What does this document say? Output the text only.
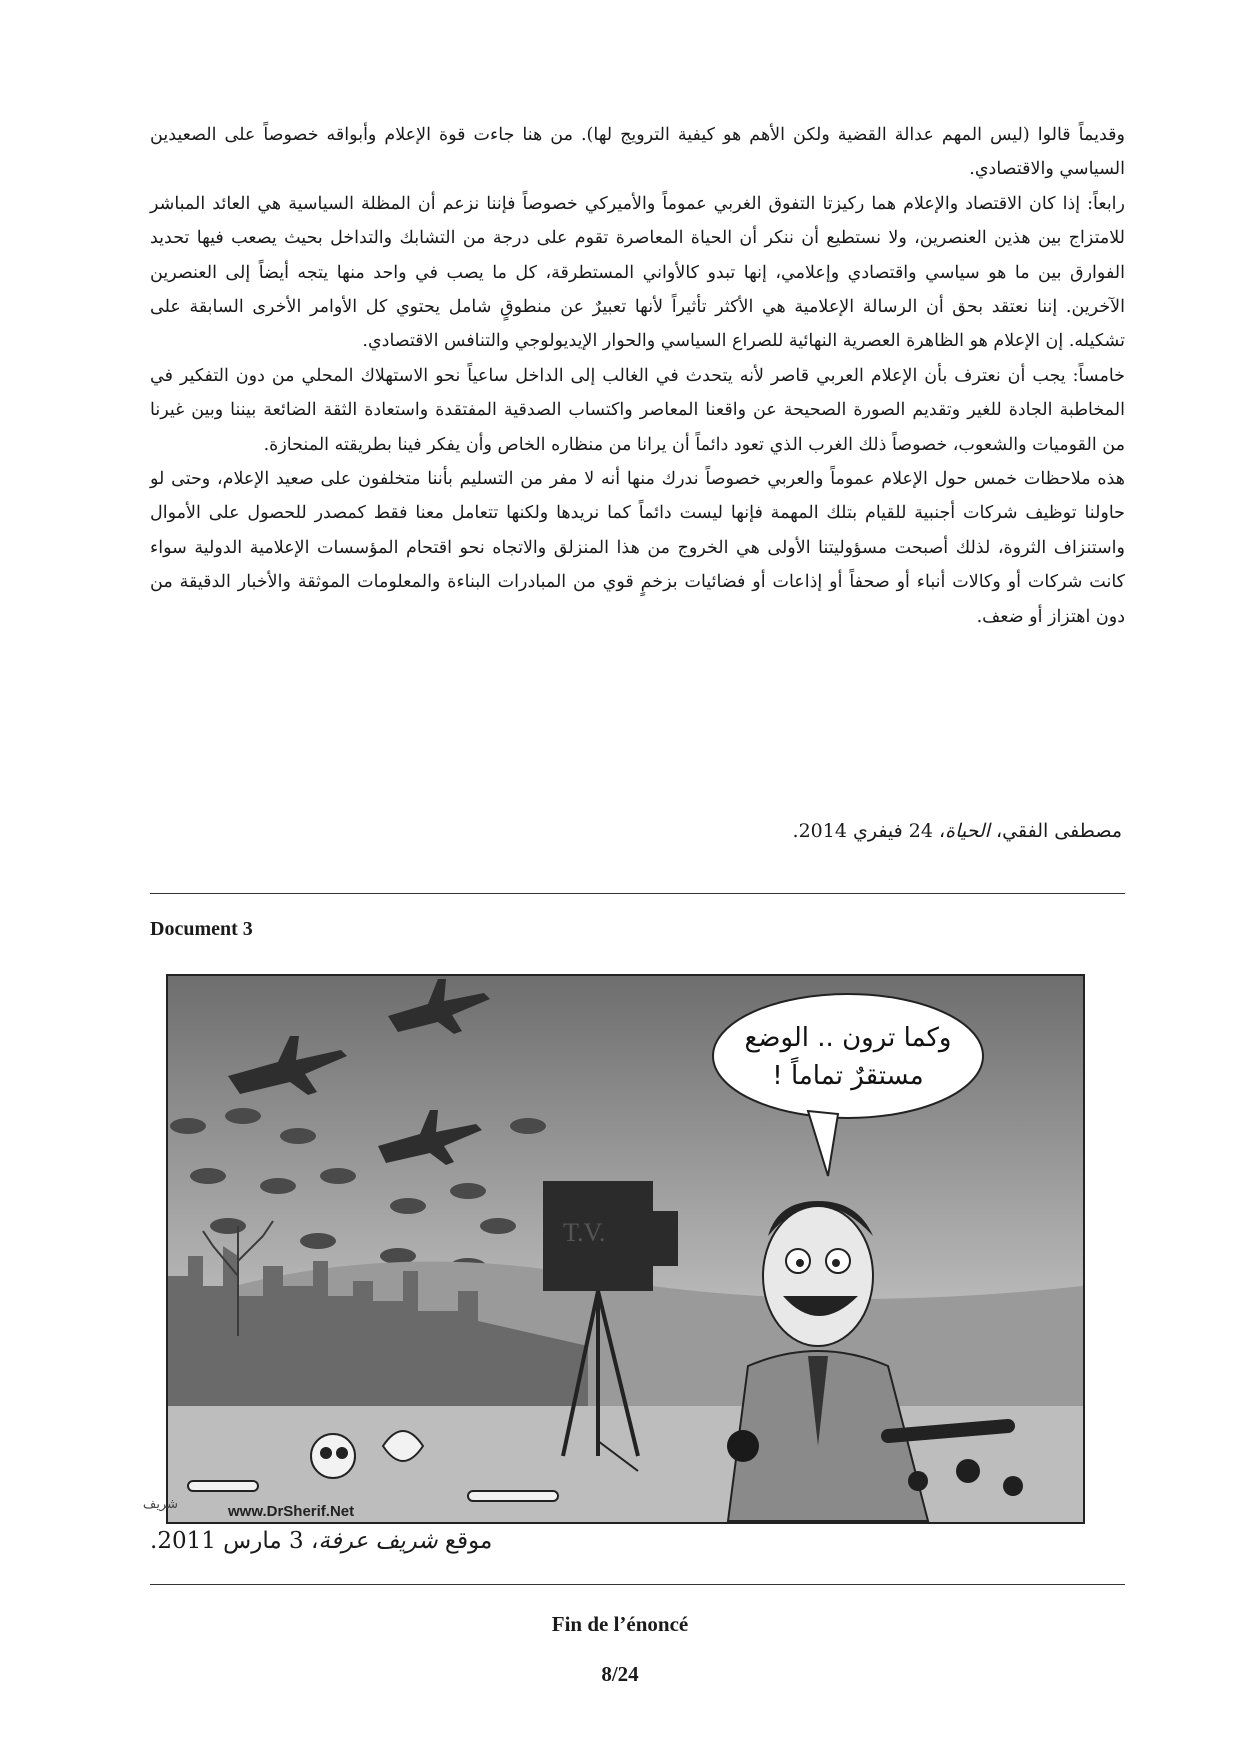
وقديماً قالوا (ليس المهم عدالة القضية ولكن الأهم هو كيفية الترويج لها). من هنا جاءت قوة الإعلام وأبواقه خصوصاً على الصعيدين السياسي والاقتصادي.

رابعاً: إذا كان الاقتصاد والإعلام هما ركيزتا التفوق الغربي عموماً والأميركي خصوصاً فإننا نزعم أن المظلة السياسية هي العائد المباشر للامتزاج بين هذين العنصرين، ولا نستطيع أن ننكر أن الحياة المعاصرة تقوم على درجة من التشابك والتداخل بحيث يصعب فيها تحديد الفوارق بين ما هو سياسي واقتصادي وإعلامي، إنها تبدو كالأواني المستطرقة، كل ما يصب في واحد منها يتجه أيضاً إلى العنصرين الآخرين. إننا نعتقد بحق أن الرسالة الإعلامية هي الأكثر تأثيراً لأنها تعبيرٌ عن منطوقٍ شامل يحتوي كل الأوامر الأخرى السابقة على تشكيله. إن الإعلام هو الظاهرة العصرية النهائية للصراع السياسي والحوار الإيديولوجي والتنافس الاقتصادي.

خامساً: يجب أن نعترف بأن الإعلام العربي قاصر لأنه يتحدث في الغالب إلى الداخل ساعياً نحو الاستهلاك المحلي من دون التفكير في المخاطبة الجادة للغير وتقديم الصورة الصحيحة عن واقعنا المعاصر واكتساب الصدقية المفتقدة واستعادة الثقة الضائعة بيننا وبين غيرنا من القوميات والشعوب، خصوصاً ذلك الغرب الذي تعود دائماً أن يرانا من منظاره الخاص وأن يفكر فينا بطريقته المنحازة.

هذه ملاحظات خمس حول الإعلام عموماً والعربي خصوصاً ندرك منها أنه لا مفر من التسليم بأننا متخلفون على صعيد الإعلام، وحتى لو حاولنا توظيف شركات أجنبية للقيام بتلك المهمة فإنها ليست دائماً كما نريدها ولكنها تتعامل معنا فقط كمصدر للحصول على الأموال واستنزاف الثروة، لذلك أصبحت مسؤوليتنا الأولى هي الخروج من هذا المنزلق والاتجاه نحو اقتحام المؤسسات الإعلامية الدولية سواء كانت شركات أو وكالات أنباء أو صحفاً أو إذاعات أو فضائيات بزخمٍ قوي من المبادرات البناءة والمعلومات الموثقة والأخبار الدقيقة من دون اهتزاز أو ضعف.

مصطفى الفقي، الحياة، 24 فيفري 2014.
Document 3
T.V.
وكما ترون .. الوضع
مستقرٌ تماماً !
شريف	www.DrSherif.Net
موقع شريف عرفة، 3 مارس 2011.
Fin de l’énoncé
8/24
